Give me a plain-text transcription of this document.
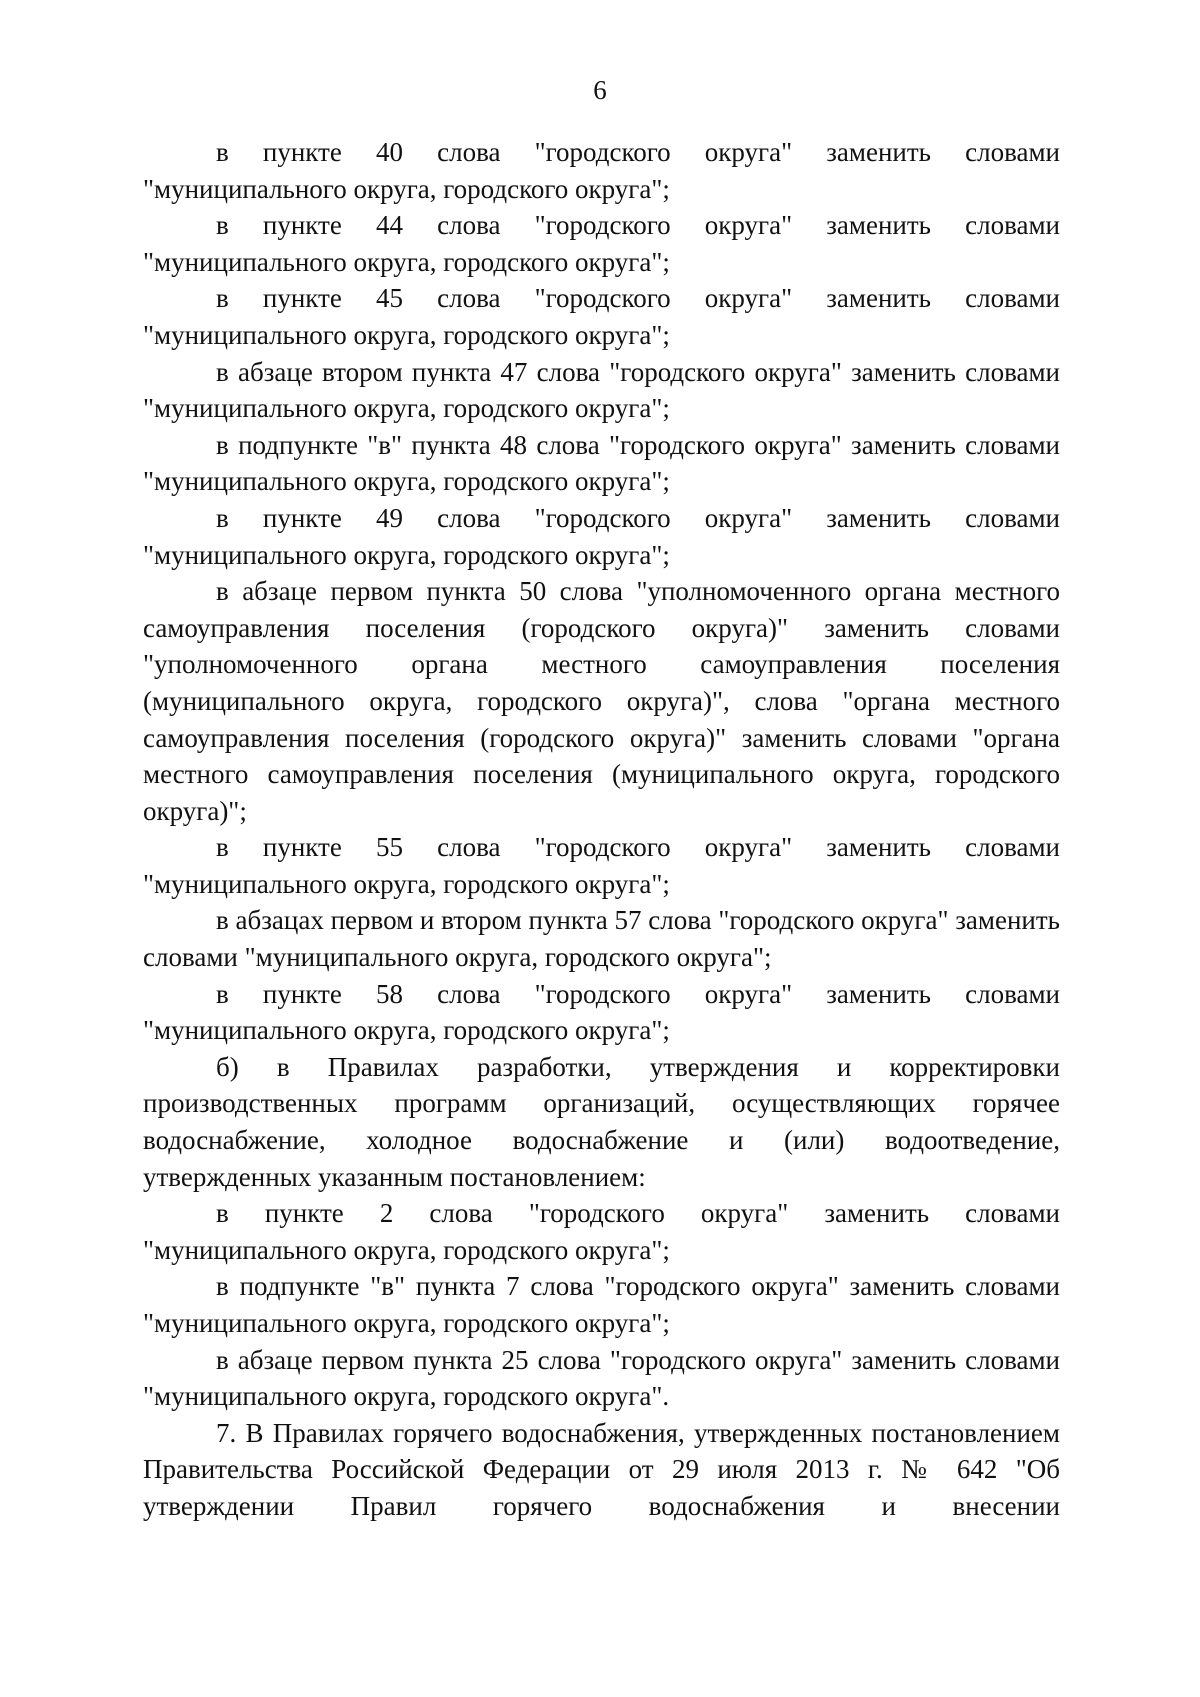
6

в пункте 40 слова "городского округа" заменить словами "муниципального округа, городского округа";

в пункте 44 слова "городского округа" заменить словами "муниципального округа, городского округа";

в пункте 45 слова "городского округа" заменить словами "муниципального округа, городского округа";

в абзаце втором пункта 47 слова "городского округа" заменить словами "муниципального округа, городского округа";

в подпункте "в" пункта 48 слова "городского округа" заменить словами "муниципального округа, городского округа";

в пункте 49 слова "городского округа" заменить словами "муниципального округа, городского округа";

в абзаце первом пункта 50 слова "уполномоченного органа местного самоуправления поселения (городского округа)" заменить словами "уполномоченного органа местного самоуправления поселения (муниципального округа, городского округа)", слова "органа местного самоуправления поселения (городского округа)" заменить словами "органа местного самоуправления поселения (муниципального округа, городского округа)";

в пункте 55 слова "городского округа" заменить словами "муниципального округа, городского округа";

в абзацах первом и втором пункта 57 слова "городского округа" заменить словами "муниципального округа, городского округа";

в пункте 58 слова "городского округа" заменить словами "муниципального округа, городского округа";

б) в Правилах разработки, утверждения и корректировки производственных программ организаций, осуществляющих горячее водоснабжение, холодное водоснабжение и (или) водоотведение, утвержденных указанным постановлением:

в пункте 2 слова "городского округа" заменить словами "муниципального округа, городского округа";

в подпункте "в" пункта 7 слова "городского округа" заменить словами "муниципального округа, городского округа";

в абзаце первом пункта 25 слова "городского округа" заменить словами "муниципального округа, городского округа".

7. В Правилах горячего водоснабжения, утвержденных постановлением Правительства Российской Федерации от 29 июля 2013 г. № 642 "Об утверждении Правил горячего водоснабжения и внесении
